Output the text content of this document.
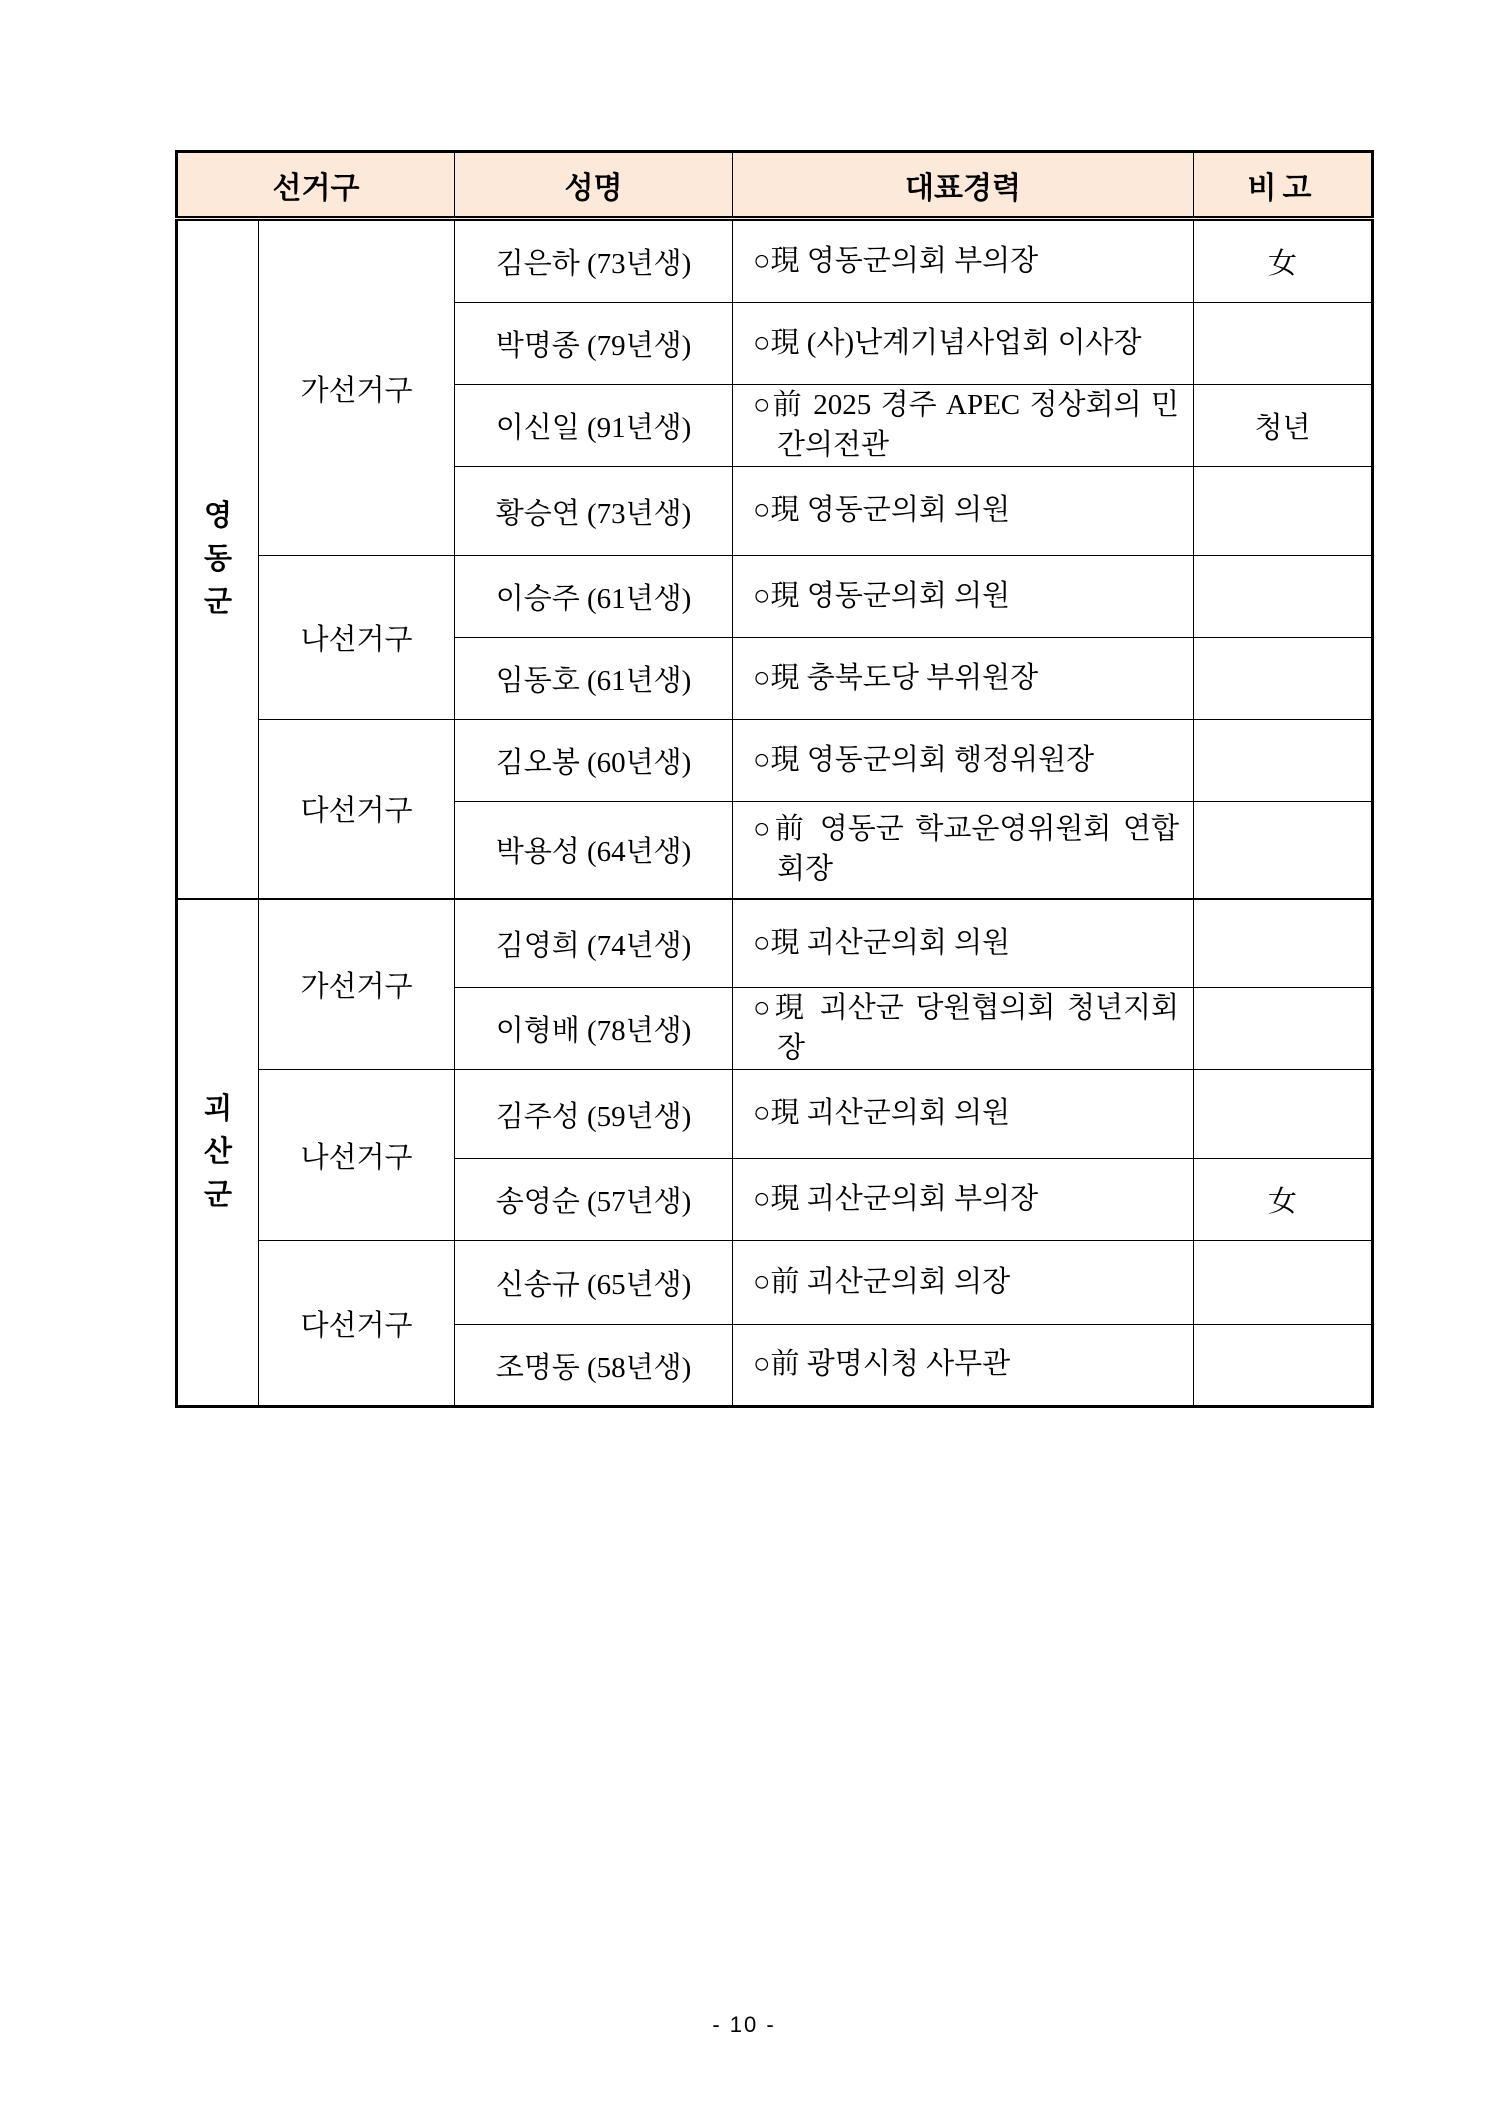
선거구		성명	대표경력	비고
영동군	가선거구	김은하 (73년생)	○現 영동군의회 부의장	女
		박명종 (79년생)	○現 (사)난계기념사업회 이사장	
		이신일 (91년생)	○前 2025 경주 APEC 정상회의 민간의전관	청년
		황승연 (73년생)	○現 영동군의회 의원	
	나선거구	이승주 (61년생)	○現 영동군의회 의원	
		임동호 (61년생)	○現 충북도당 부위원장	
	다선거구	김오봉 (60년생)	○現 영동군의회 행정위원장	
		박용성 (64년생)	○前 영동군 학교운영위원회 연합회장	
괴산군	가선거구	김영희 (74년생)	○現 괴산군의회 의원	
		이형배 (78년생)	○現 괴산군 당원협의회 청년지회장	
	나선거구	김주성 (59년생)	○現 괴산군의회 의원	
		송영순 (57년생)	○現 괴산군의회 부의장	女
	다선거구	신송규 (65년생)	○前 괴산군의회 의장	
		조명동 (58년생)	○前 광명시청 사무관	
- 10 -
